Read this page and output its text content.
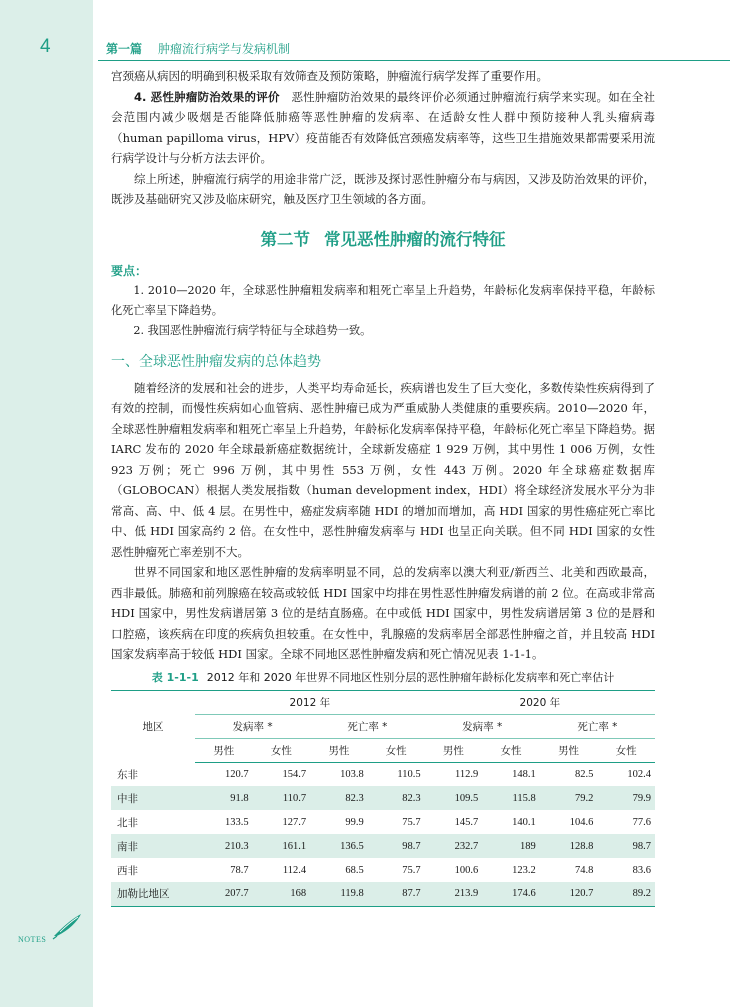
4	第一篇 肿瘤流行病学与发病机制
NOTES

宫颈癌从病因的明确到积极采取有效筛查及预防策略，肿瘤流行病学发挥了重要作用。

4. 恶性肿瘤防治效果的评价　恶性肿瘤防治效果的最终评价必须通过肿瘤流行病学来实现。如在全社会范围内减少吸烟是否能降低肺癌等恶性肿瘤的发病率、在适龄女性人群中预防接种人乳头瘤病毒（human papilloma virus，HPV）疫苗能否有效降低宫颈癌发病率等，这些卫生措施效果都需要采用流行病学设计与分析方法去评价。

综上所述，肿瘤流行病学的用途非常广泛，既涉及探讨恶性肿瘤分布与病因，又涉及防治效果的评价，既涉及基础研究又涉及临床研究，触及医疗卫生领域的各方面。

第二节 常见恶性肿瘤的流行特征
要点：

1. 2010—2020 年，全球恶性肿瘤粗发病率和粗死亡率呈上升趋势，年龄标化发病率保持平稳，年龄标化死亡率呈下降趋势。

2. 我国恶性肿瘤流行病学特征与全球趋势一致。

一、全球恶性肿瘤发病的总体趋势

随着经济的发展和社会的进步，人类平均寿命延长，疾病谱也发生了巨大变化，多数传染性疾病得到了有效的控制，而慢性疾病如心血管病、恶性肿瘤已成为严重威胁人类健康的重要疾病。2010—2020 年，全球恶性肿瘤粗发病率和粗死亡率呈上升趋势，年龄标化发病率保持平稳，年龄标化死亡率呈下降趋势。据 IARC 发布的 2020 年全球最新癌症数据统计，全球新发癌症 1 929 万例，其中男性 1 006 万例，女性 923 万例；死亡 996 万例，其中男性 553 万例，女性 443 万例。2020 年全球癌症数据库（GLOBOCAN）根据人类发展指数（human development index，HDI）将全球经济发展水平分为非常高、高、中、低 4 层。在男性中，癌症发病率随 HDI 的增加而增加，高 HDI 国家的男性癌症死亡率比中、低 HDI 国家高约 2 倍。在女性中，恶性肿瘤发病率与 HDI 也呈正向关联。但不同 HDI 国家的女性恶性肿瘤死亡率差别不大。

世界不同国家和地区恶性肿瘤的发病率明显不同，总的发病率以澳大利亚/新西兰、北美和西欧最高，西非最低。肺癌和前列腺癌在较高或较低 HDI 国家中均排在男性恶性肿瘤发病谱的前 2 位。在高或非常高 HDI 国家中，男性发病谱居第 3 位的是结直肠癌。在中或低 HDI 国家中，男性发病谱居第 3 位的是唇和口腔癌，该疾病在印度的疾病负担较重。在女性中，乳腺癌的发病率居全部恶性肿瘤之首，并且较高 HDI 国家发病率高于较低 HDI 国家。全球不同地区恶性肿瘤发病和死亡情况见表 1-1-1。

表 1-1-1 2012 年和 2020 年世界不同地区性别分层的恶性肿瘤年龄标化发病率和死亡率估计
地区	2012 年				2020 年			
	发病率 *		死亡率 *		发病率 *		死亡率 *	
	男性	女性	男性	女性	男性	女性	男性	女性
东非	120.7	154.7	103.8	110.5	112.9	148.1	82.5	102.4
中非	91.8	110.7	82.3	82.3	109.5	115.8	79.2	79.9
北非	133.5	127.7	99.9	75.7	145.7	140.1	104.6	77.6
南非	210.3	161.1	136.5	98.7	232.7	189	128.8	98.7
西非	78.7	112.4	68.5	75.7	100.6	123.2	74.8	83.6
加勒比地区	207.7	168	119.8	87.7	213.9	174.6	120.7	89.2
